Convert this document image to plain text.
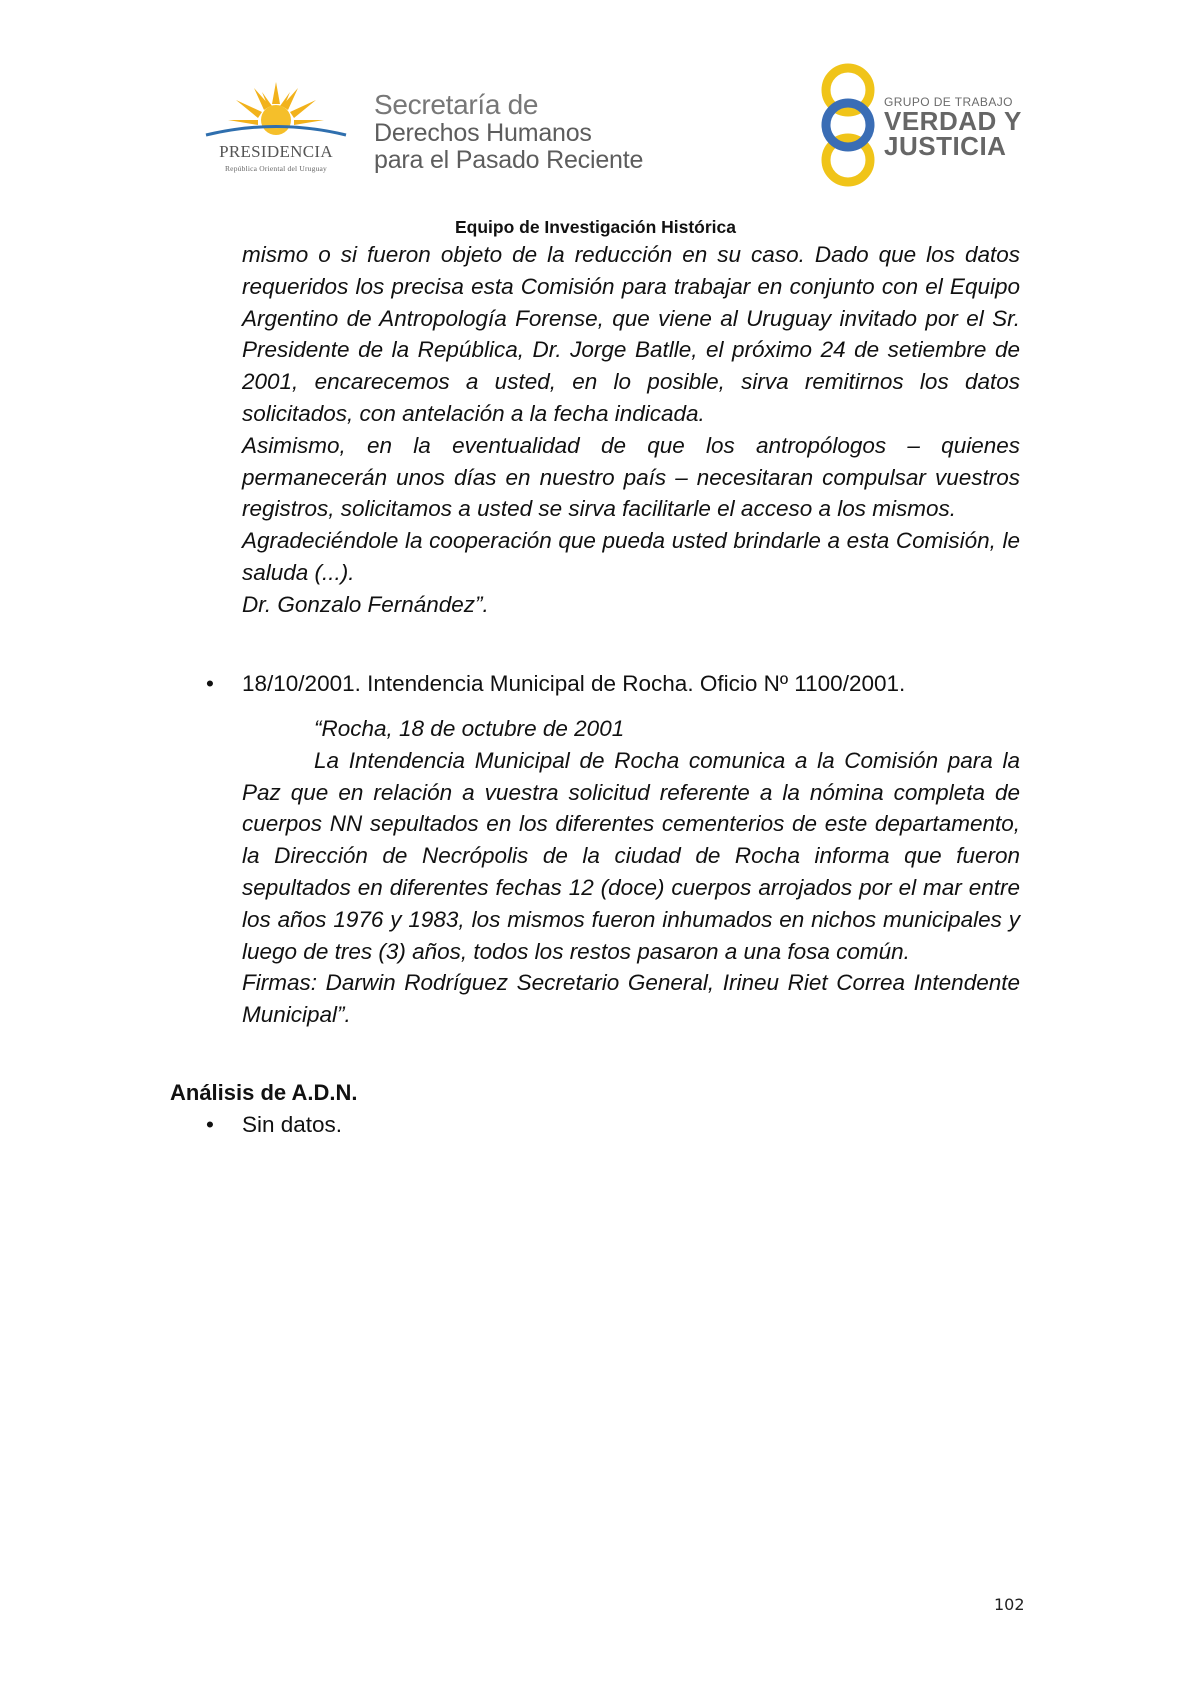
PRESIDENCIA
República Oriental del Uruguay
Secretaría de
Derechos Humanos
para el Pasado Reciente
GRUPO DE TRABAJO
VERDAD Y
JUSTICIA
Equipo de Investigación Histórica

mismo o si fueron objeto de la reducción en su caso. Dado que los datos requeridos los precisa esta Comisión para trabajar en conjunto con el Equipo Argentino de Antropología Forense, que viene al Uruguay invitado por el Sr. Presidente de la República, Dr. Jorge Batlle, el próximo 24 de setiembre de 2001, encarecemos a usted, en lo posible, sirva remitirnos los datos solicitados, con antelación a la fecha indicada.

Asimismo, en la eventualidad de que los antropólogos – quienes permanecerán unos días en nuestro país – necesitaran compulsar vuestros registros, solicitamos a usted se sirva facilitarle el acceso a los mismos.

Agradeciéndole la cooperación que pueda usted brindarle a esta Comisión, le saluda (...).

Dr. Gonzalo Fernández”.

• 18/10/2001. Intendencia Municipal de Rocha. Oficio Nº 1100/2001.

“Rocha, 18 de octubre de 2001

La Intendencia Municipal de Rocha comunica a la Comisión para la Paz que en relación a vuestra solicitud referente a la nómina completa de cuerpos NN sepultados en los diferentes cementerios de este departamento, la Dirección de Necrópolis de la ciudad de Rocha informa que fueron sepultados en diferentes fechas 12 (doce) cuerpos arrojados por el mar entre los años 1976 y 1983, los mismos fueron inhumados en nichos municipales y luego de tres (3) años, todos los restos pasaron a una fosa común.

Firmas: Darwin Rodríguez Secretario General, Irineu Riet Correa Intendente Municipal”.

Análisis de A.D.N.
• Sin datos.
102
